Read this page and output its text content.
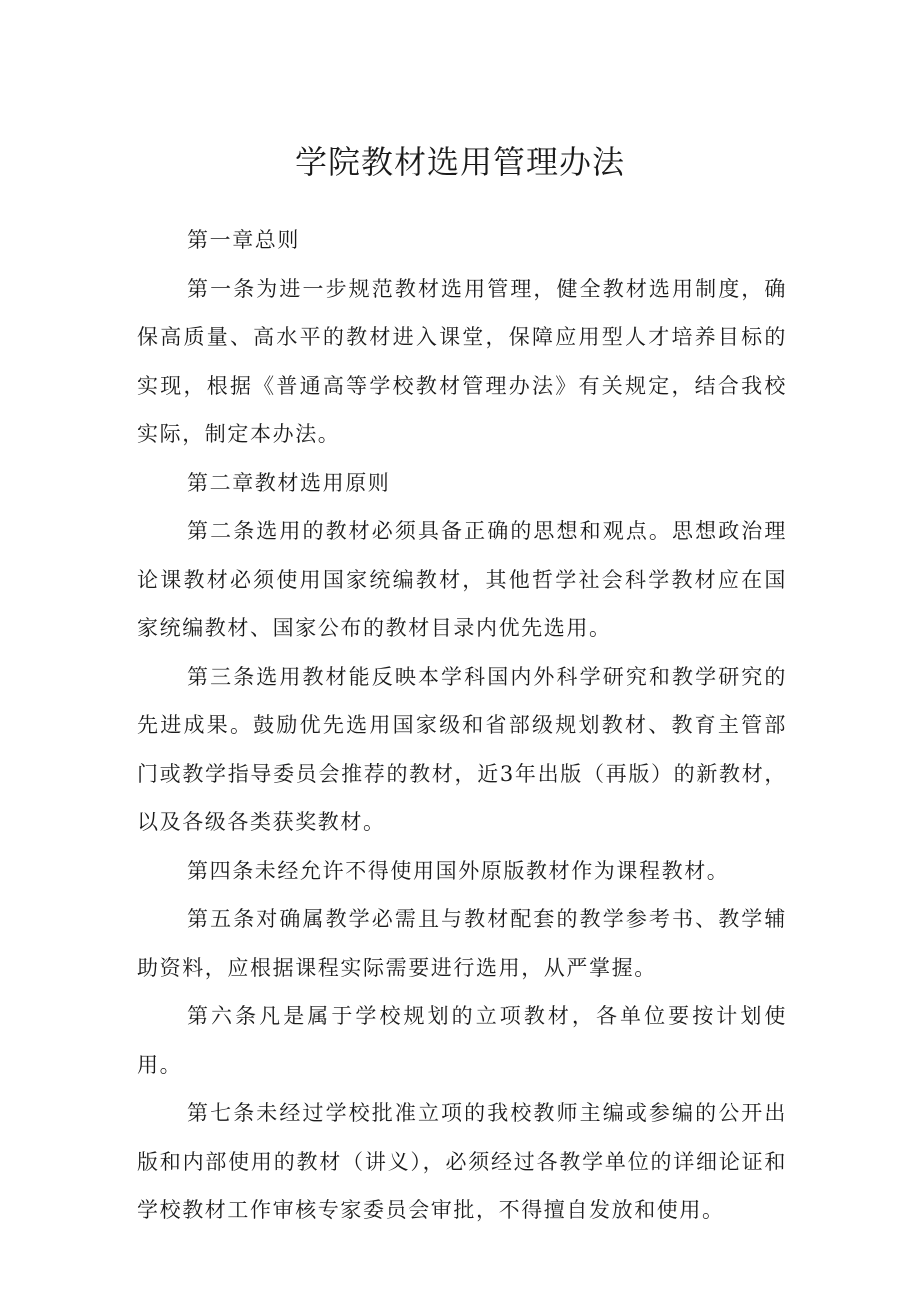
学院教材选用管理办法

第一章总则

第一条为进一步规范教材选用管理，健全教材选用制度，确保高质量、高水平的教材进入课堂，保障应用型人才培养目标的实现，根据《普通高等学校教材管理办法》有关规定，结合我校实际，制定本办法。

第二章教材选用原则

第二条选用的教材必须具备正确的思想和观点。思想政治理论课教材必须使用国家统编教材，其他哲学社会科学教材应在国家统编教材、国家公布的教材目录内优先选用。

第三条选用教材能反映本学科国内外科学研究和教学研究的先进成果。鼓励优先选用国家级和省部级规划教材、教育主管部门或教学指导委员会推荐的教材，近3年出版（再版）的新教材，以及各级各类获奖教材。

第四条未经允许不得使用国外原版教材作为课程教材。

第五条对确属教学必需且与教材配套的教学参考书、教学辅助资料，应根据课程实际需要进行选用，从严掌握。

第六条凡是属于学校规划的立项教材，各单位要按计划使用。

第七条未经过学校批准立项的我校教师主编或参编的公开出版和内部使用的教材（讲义），必须经过各教学单位的详细论证和学校教材工作审核专家委员会审批，不得擅自发放和使用。
